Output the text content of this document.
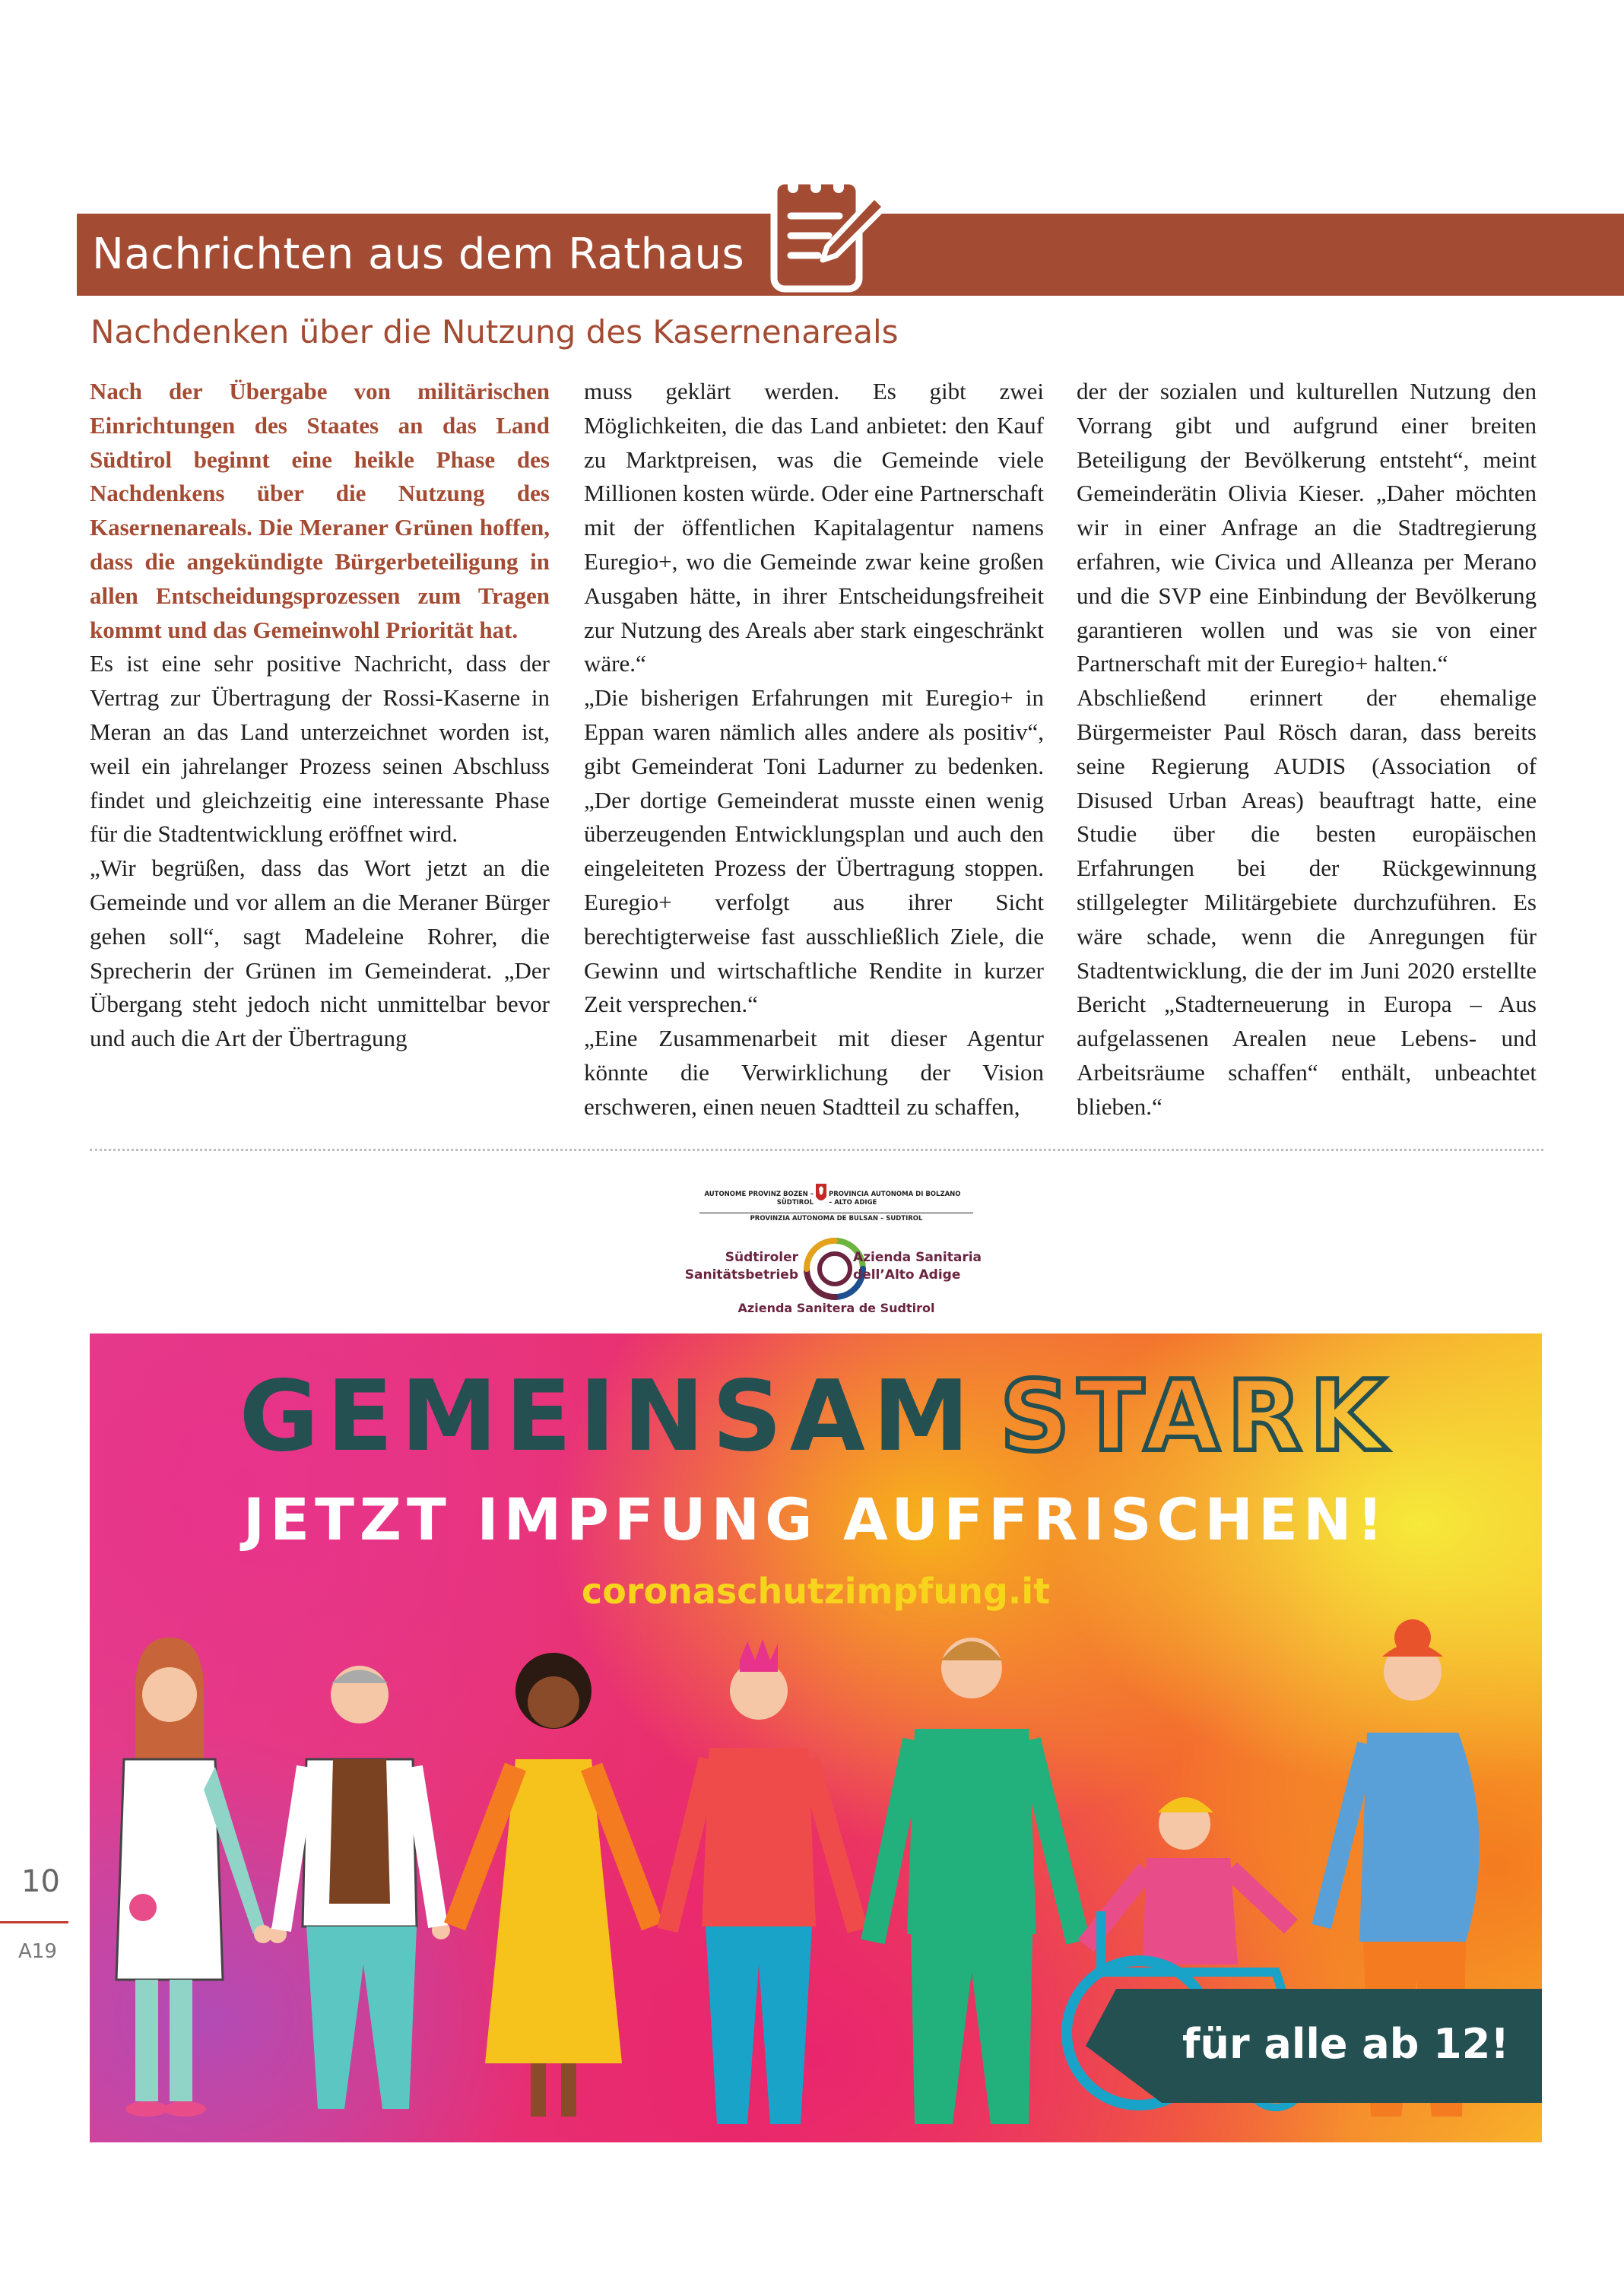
Nachrichten aus dem Rathaus
Nachdenken über die Nutzung des Kasernenareals

Nach der Übergabe von militärischen Einrichtungen des Staates an das Land Südtirol beginnt eine heikle Phase des Nachdenkens über die Nutzung des Kasernenareals. Die Meraner Grünen hoffen, dass die angekündigte Bürgerbeteiligung in allen Entscheidungsprozessen zum Tragen kommt und das Gemeinwohl Priorität hat.

Es ist eine sehr positive Nachricht, dass der Vertrag zur Übertragung der Rossi-Kaserne in Meran an das Land unterzeichnet worden ist, weil ein jahrelanger Prozess seinen Abschluss findet und gleichzeitig eine interessante Phase für die Stadtentwicklung eröffnet wird.

„Wir begrüßen, dass das Wort jetzt an die Gemeinde und vor allem an die Meraner Bürger gehen soll“, sagt Madeleine Rohrer, die Sprecherin der Grünen im Gemeinderat. „Der Übergang steht jedoch nicht unmittelbar bevor und auch die Art der Übertragung

muss geklärt werden. Es gibt zwei Möglichkeiten, die das Land anbietet: den Kauf zu Marktpreisen, was die Gemeinde viele Millionen kosten würde. Oder eine Partnerschaft mit der öffentlichen Kapitalagentur namens Euregio+, wo die Gemeinde zwar keine großen Ausgaben hätte, in ihrer Entscheidungsfreiheit zur Nutzung des Areals aber stark eingeschränkt wäre.“

„Die bisherigen Erfahrungen mit Euregio+ in Eppan waren nämlich alles andere als positiv“, gibt Gemeinderat Toni Ladurner zu bedenken. „Der dortige Gemeinderat musste einen wenig überzeugenden Entwicklungsplan und auch den eingeleiteten Prozess der Übertragung stoppen. Euregio+ verfolgt aus ihrer Sicht berechtigterweise fast ausschließlich Ziele, die Gewinn und wirtschaftliche Rendite in kurzer Zeit versprechen.“

„Eine Zusammenarbeit mit dieser Agentur könnte die Verwirklichung der Vision erschweren, einen neuen Stadtteil zu schaffen,

der der sozialen und kulturellen Nutzung den Vorrang gibt und aufgrund einer breiten Beteiligung der Bevölkerung entsteht“, meint Gemeinderätin Olivia Kieser. „Daher möchten wir in einer Anfrage an die Stadtregierung erfahren, wie Civica und Alleanza per Merano und die SVP eine Einbindung der Bevölkerung garantieren wollen und was sie von einer Partnerschaft mit der Euregio+ halten.“

Abschließend erinnert der ehemalige Bürgermeister Paul Rösch daran, dass bereits seine Regierung AUDIS (Association of Disused Urban Areas) beauftragt hatte, eine Studie über die besten europäischen Erfahrungen bei der Rückgewinnung stillgelegter Militärgebiete durchzuführen. Es wäre schade, wenn die Anregungen für Stadtentwicklung, die der im Juni 2020 erstellte Bericht „Stadterneuerung in Europa – Aus aufgelassenen Arealen neue Lebens- und Arbeitsräume schaffen“ enthält, unbeachtet blieben.“

AUTONOME PROVINZ BOZEN – SÜDTIROL
PROVINCIA AUTONOMA DI BOLZANO – ALTO ADIGE
PROVINZIA AUTONOMA DE BULSAN – SUDTIROL
Südtiroler Sanitätsbetrieb
Azienda Sanitaria dell’Alto Adige
Azienda Sanitera de Sudtirol
GEMEINSAM STARK
JETZT IMPFUNG AUFFRISCHEN!
coronaschutzimpfung.it
für alle ab 12!
10
A19
